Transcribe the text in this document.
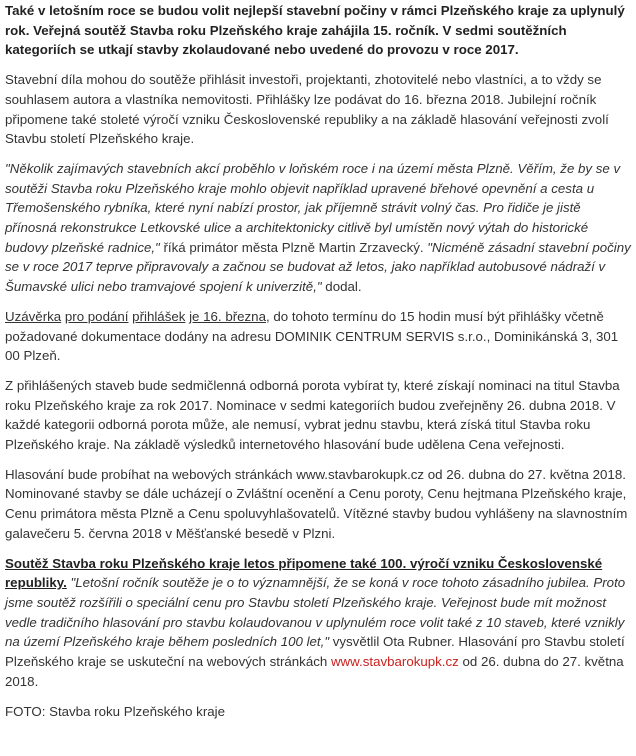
Také v letošním roce se budou volit nejlepší stavební počiny v rámci Plzeňského kraje za uplynulý rok. Veřejná soutěž Stavba roku Plzeňského kraje zahájila 15. ročník. V sedmi soutěžních kategoriích se utkají stavby zkolaudované nebo uvedené do provozu v roce 2017.

Stavební díla mohou do soutěže přihlásit investoři, projektanti, zhotovitelé nebo vlastníci, a to vždy se souhlasem autora a vlastníka nemovitosti. Přihlášky lze podávat do 16. března 2018. Jubilejní ročník připomene také stoleté výročí vzniku Československé republiky a na základě hlasování veřejnosti zvolí Stavbu století Plzeňského kraje.

"Několik zajímavých stavebních akcí proběhlo v loňském roce i na území města Plzně. Věřím, že by se v soutěži Stavba roku Plzeňského kraje mohlo objevit například upravené břehové opevnění a cesta u Třemošenského rybníka, které nyní nabízí prostor, jak příjemně strávit volný čas. Pro řidiče je jistě přínosná rekonstrukce Letkovské ulice a architektonicky citlivě byl umístěn nový výtah do historické budovy plzeňské radnice," říká primátor města Plzně Martin Zrzavecký. "Nicméně zásadní stavební počiny se v roce 2017 teprve připravovaly a začnou se budovat až letos, jako například autobusové nádraží v Šumavské ulici nebo tramvajové spojení k univerzitě," dodal.

Uzávěrka pro podání přihlášek je 16. března, do tohoto termínu do 15 hodin musí být přihlášky včetně požadované dokumentace dodány na adresu DOMINIK CENTRUM SERVIS s.r.o., Dominikánská 3, 301 00 Plzeň.

Z přihlášených staveb bude sedmičlenná odborná porota vybírat ty, které získají nominaci na titul Stavba roku Plzeňského kraje za rok 2017. Nominace v sedmi kategoriích budou zveřejněny 26. dubna 2018. V každé kategorii odborná porota může, ale nemusí, vybrat jednu stavbu, která získá titul Stavba roku Plzeňského kraje. Na základě výsledků internetového hlasování bude udělena Cena veřejnosti.

Hlasování bude probíhat na webových stránkách www.stavbarokupk.cz od 26. dubna do 27. května 2018. Nominované stavby se dále ucházejí o Zvláštní ocenění a Cenu poroty, Cenu hejtmana Plzeňského kraje, Cenu primátora města Plzně a Cenu spoluvyhlašovatelů. Vítězné stavby budou vyhlášeny na slavnostním galavečeru 5. června 2018 v Měšťanské besedě v Plzni.

Soutěž Stavba roku Plzeňského kraje letos připomene také 100. výročí vzniku Československé republiky. "Letošní ročník soutěže je o to významnější, že se koná v roce tohoto zásadního jubilea. Proto jsme soutěž rozšířili o speciální cenu pro Stavbu století Plzeňského kraje. Veřejnost bude mít možnost vedle tradičního hlasování pro stavbu kolaudovanou v uplynulém roce volit také z 10 staveb, které vznikly na území Plzeňského kraje během posledních 100 let," vysvětlil Ota Rubner. Hlasování pro Stavbu století Plzeňského kraje se uskuteční na webových stránkách www.stavbarokupk.cz od 26. dubna do 27. května 2018.

FOTO: Stavba roku Plzeňského kraje
